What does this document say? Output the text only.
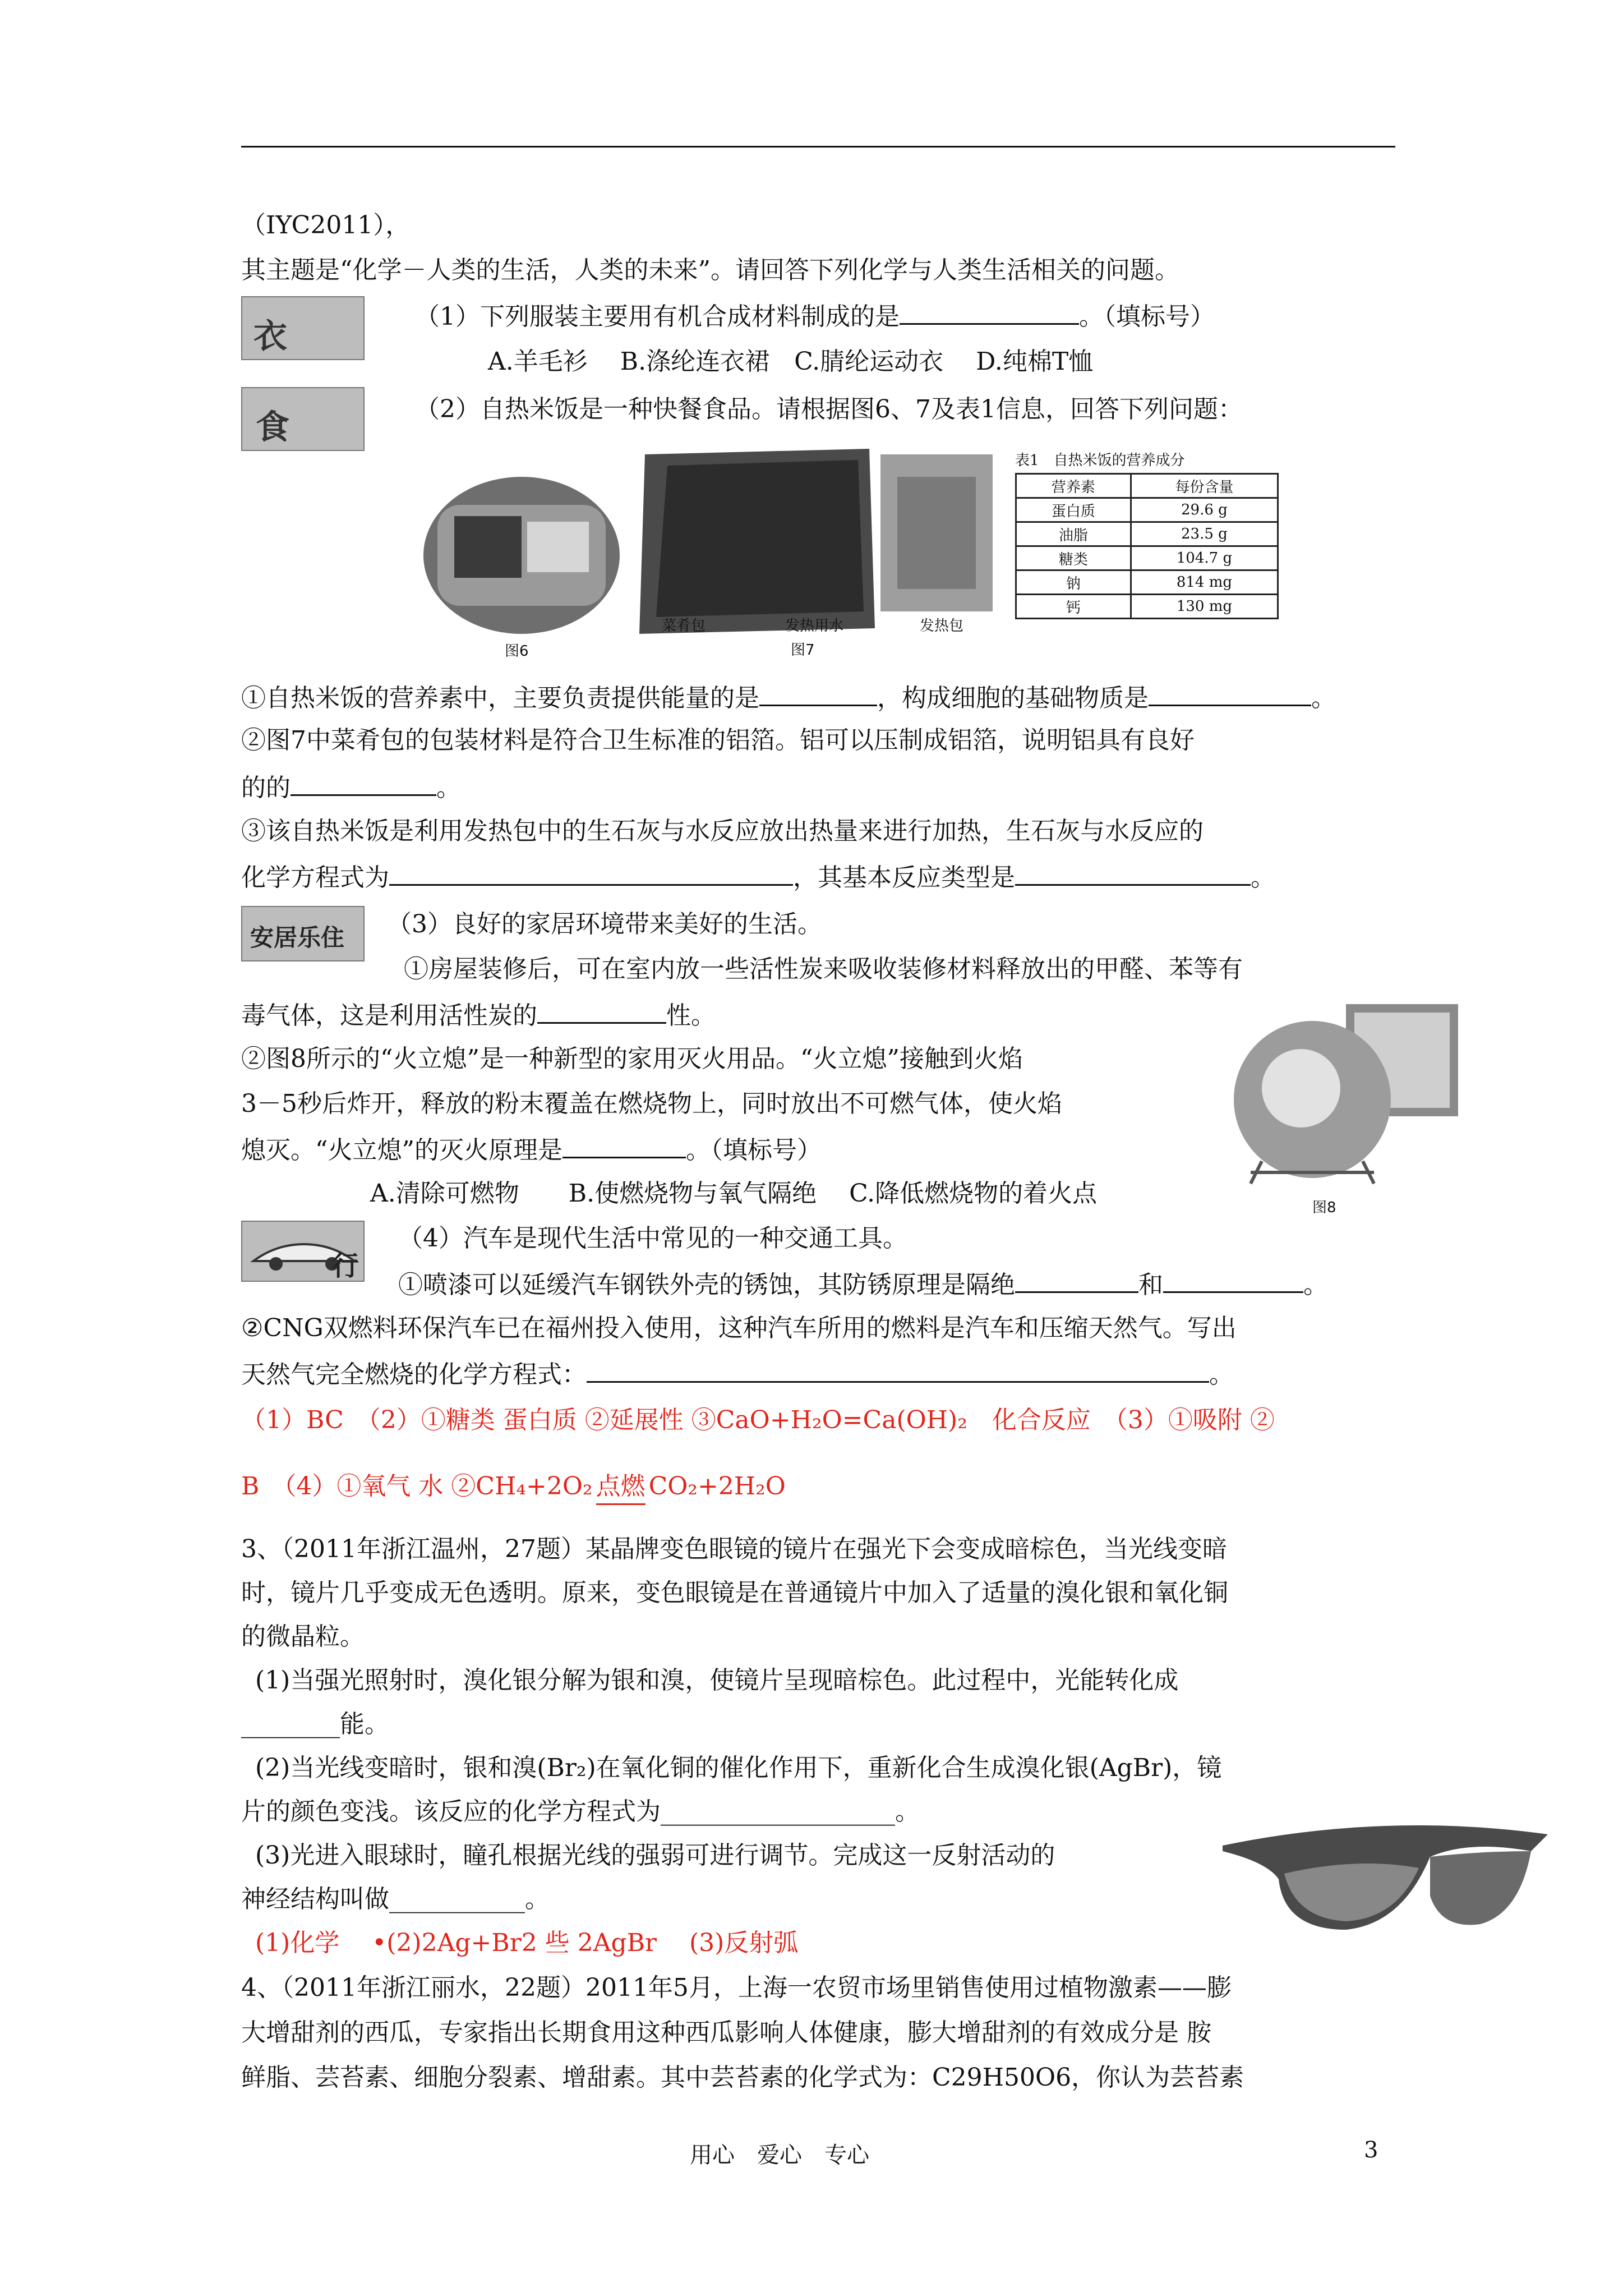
（IYC2011），
其主题是“化学－人类的生活，人类的未来”。请回答下列化学与人类生活相关的问题。
衣
（1）下列服装主要用有机合成材料制成的是	。（填标号）
A.羊毛衫　 B.涤纶连衣裙　C.腈纶运动衣　 D.纯棉T恤
食	（2）自热米饭是一种快餐食品。请根据图6、7及表1信息，回答下列问题：
图6
菜肴包	发热用水	发热包
图7
表1　自热米饭的营养成分
营养素	每份含量
蛋白质	29.6 g
油脂	23.5 g
糖类	104.7 g
钠	814 mg
钙	130 mg
①自热米饭的营养素中，主要负责提供能量的是	，构成细胞的基础物质是	。
②图7中菜肴包的包装材料是符合卫生标准的铝箔。铝可以压制成铝箔，说明铝具有良好
的的	。
③该自热米饭是利用发热包中的生石灰与水反应放出热量来进行加热，生石灰与水反应的
化学方程式为	，其基本反应类型是	。
安居乐住 （3）良好的家居环境带来美好的生活。
①房屋装修后，可在室内放一些活性炭来吸收装修材料释放出的甲醛、苯等有
毒气体，这是利用活性炭的	性。
②图8所示的“火立熄”是一种新型的家用灭火用品。“火立熄”接触到火焰
3－5秒后炸开，释放的粉末覆盖在燃烧物上，同时放出不可燃气体，使火焰
熄灭。“火立熄”的灭火原理是	。（填标号）
A.清除可燃物　　B.使燃烧物与氧气隔绝　 C.降低燃烧物的着火点	图8
行
（4）汽车是现代生活中常见的一种交通工具。
①喷漆可以延缓汽车钢铁外壳的锈蚀，其防锈原理是隔绝	和	。
②CNG双燃料环保汽车已在福州投入使用，这种汽车所用的燃料是汽车和压缩天然气。写出
天然气完全燃烧的化学方程式：	。
（1）BC　（2）①糖类 蛋白质 ②延展性 ③CaO+H₂O=Ca(OH)₂　化合反应　（3）①吸附 ②
B　（4）①氧气 水 ②CH₄+2O₂ 点燃 CO₂+2H₂O
3、（2011年浙江温州，27题）某晶牌变色眼镜的镜片在强光下会变成暗棕色，当光线变暗
时，镜片几乎变成无色透明。原来，变色眼镜是在普通镜片中加入了适量的溴化银和氧化铜
的微晶粒。
(1)当强光照射时，溴化银分解为银和溴，使镜片呈现暗棕色。此过程中，光能转化成
________能。
(2)当光线变暗时，银和溴(Br₂)在氧化铜的催化作用下，重新化合生成溴化银(AgBr)，镜
片的颜色变浅。该反应的化学方程式为___________________。
(3)光进入眼球时，瞳孔根据光线的强弱可进行调节。完成这一反射活动的
神经结构叫做___________。
(1)化学　 •(2)2Ag+Br2 些 2AgBr　 (3)反射弧
4、（2011年浙江丽水，22题）2011年5月，上海一农贸市场里销售使用过植物激素——膨
大增甜剂的西瓜，专家指出长期食用这种西瓜影响人体健康，膨大增甜剂的有效成分是 胺
鲜脂、芸苔素、细胞分裂素、增甜素。其中芸苔素的化学式为：C29H50O6，你认为芸苔素
用心　爱心　专心	3
